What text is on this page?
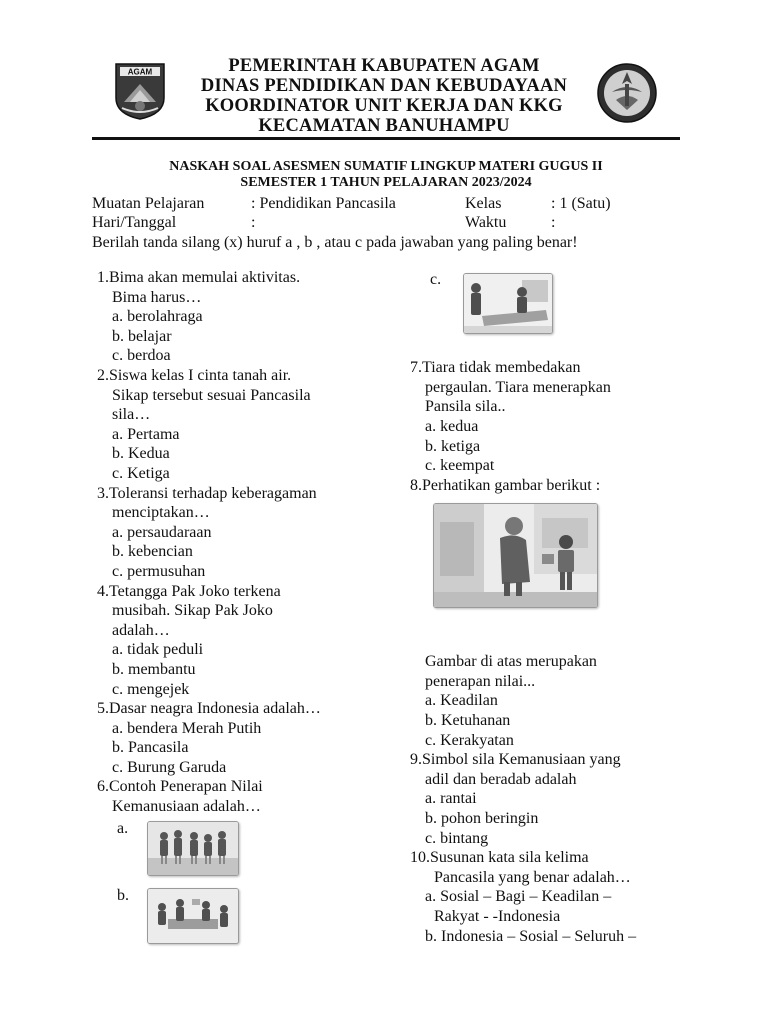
AGAM	PEMERINTAH KABUPATEN AGAM
DINAS PENDIDIKAN DAN KEBUDAYAAN
KOORDINATOR UNIT KERJA DAN KKG
KECAMATAN BANUHAMPU
NASKAH SOAL ASESMEN SUMATIF LINGKUP MATERI GUGUS II
SEMESTER 1 TAHUN PELAJARAN 2023/2024
Muatan Pelajaran	: Pendidikan Pancasila	Kelas	: 1 (Satu)
Hari/Tanggal	:	Waktu	:
Berilah tanda silang (x) huruf a , b , atau c pada jawaban yang paling benar!
1.Bima akan memulai aktivitas.
Bima harus…
a. berolahraga
b. belajar
c. berdoa
2.Siswa kelas I cinta tanah air.
Sikap tersebut sesuai Pancasila
sila…
a. Pertama
b. Kedua
c. Ketiga
3.Toleransi terhadap keberagaman
menciptakan…
a. persaudaraan
b. kebencian
c. permusuhan
4.Tetangga Pak Joko terkena
musibah. Sikap Pak Joko
adalah…
a. tidak peduli
b. membantu
c. mengejek
5.Dasar neagra Indonesia adalah…
a. bendera Merah Putih
b. Pancasila
c. Burung Garuda
6.Contoh Penerapan Nilai
Kemanusiaan adalah…
a.
b.
c.
7.Tiara tidak membedakan
pergaulan. Tiara menerapkan
Pansila sila..
a. kedua
b. ketiga
c. keempat
8.Perhatikan gambar berikut :
Gambar di atas merupakan
penerapan nilai...
a. Keadilan
b. Ketuhanan
c. Kerakyatan
9.Simbol sila Kemanusiaan yang
adil dan beradab adalah
a. rantai
b. pohon beringin
c. bintang
10.Susunan kata sila kelima
Pancasila yang benar adalah…
a. Sosial – Bagi – Keadilan –
Rakyat - -Indonesia
b. Indonesia – Sosial – Seluruh –
